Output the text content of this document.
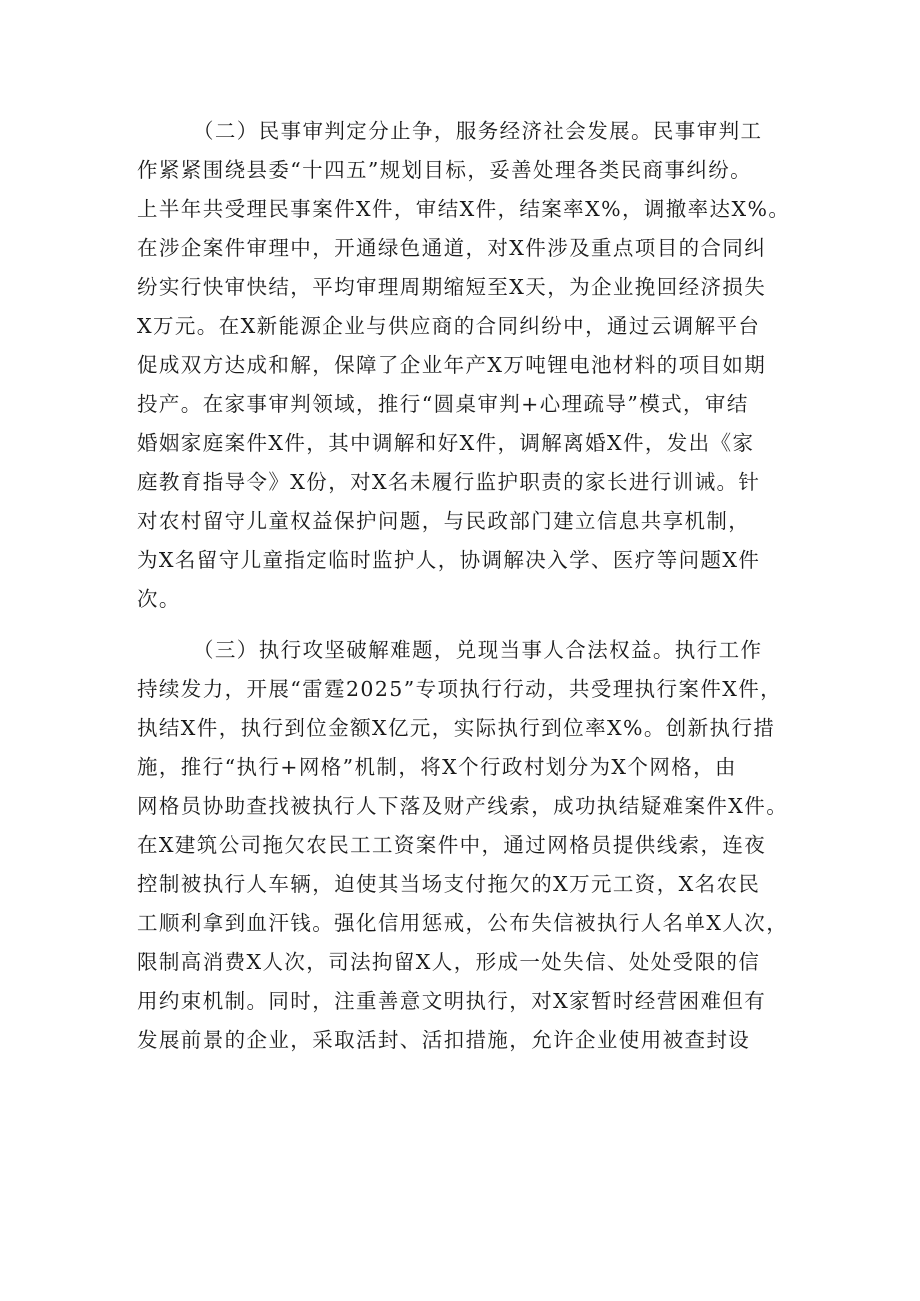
（二）民事审判定分止争，服务经济社会发展。民事审判工
作紧紧围绕县委“十四五”规划目标，妥善处理各类民商事纠纷。
上半年共受理民事案件X件，审结X件，结案率X%，调撤率达X%。
在涉企案件审理中，开通绿色通道，对X件涉及重点项目的合同纠
纷实行快审快结，平均审理周期缩短至X天，为企业挽回经济损失
X万元。在X新能源企业与供应商的合同纠纷中，通过云调解平台
促成双方达成和解，保障了企业年产X万吨锂电池材料的项目如期
投产。在家事审判领域，推行“圆桌审判+心理疏导”模式，审结
婚姻家庭案件X件，其中调解和好X件，调解离婚X件，发出《家
庭教育指导令》X份，对X名未履行监护职责的家长进行训诫。针
对农村留守儿童权益保护问题，与民政部门建立信息共享机制，
为X名留守儿童指定临时监护人，协调解决入学、医疗等问题X件
次。
（三）执行攻坚破解难题，兑现当事人合法权益。执行工作
持续发力，开展“雷霆2025”专项执行行动，共受理执行案件X件，
执结X件，执行到位金额X亿元，实际执行到位率X%。创新执行措
施，推行“执行+网格”机制，将X个行政村划分为X个网格，由
网格员协助查找被执行人下落及财产线索，成功执结疑难案件X件。
在X建筑公司拖欠农民工工资案件中，通过网格员提供线索，连夜
控制被执行人车辆，迫使其当场支付拖欠的X万元工资，X名农民
工顺利拿到血汗钱。强化信用惩戒，公布失信被执行人名单X人次，
限制高消费X人次，司法拘留X人，形成一处失信、处处受限的信
用约束机制。同时，注重善意文明执行，对X家暂时经营困难但有
发展前景的企业，采取活封、活扣措施，允许企业使用被查封设
